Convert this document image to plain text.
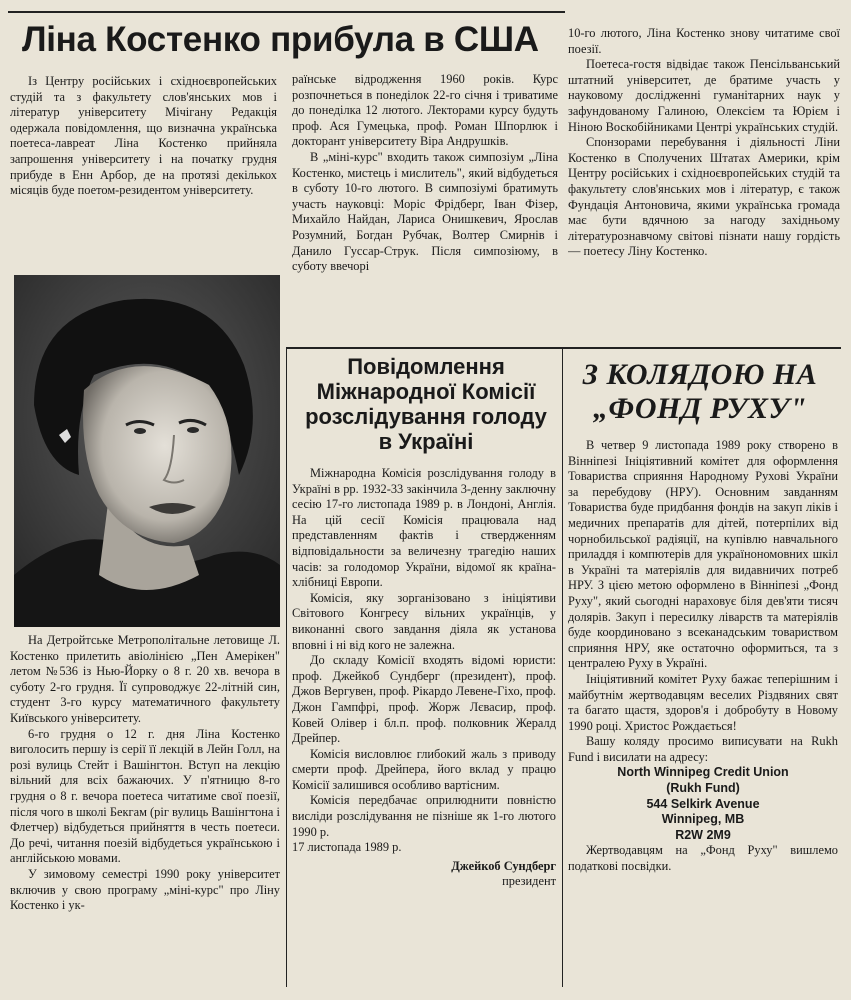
Ліна Костенко прибула в США

Із Центру російських і східноєвропейських студій та з факультету слов'янських мов і літератур університету Мічігану Редакція одержала повідомлення, що визначна українська поетеса-лавреат Ліна Костенко прийняла запрошення університету і на початку грудня прибуде в Енн Арбор, де на протязі декількох місяців буде поетом-резидентом університету.

На Детройтське Метрополітальне летовище Л. Костенко прилетить авіолінією „Пен Амерікен" летом №536 із Нью-Йорку о 8 г. 20 хв. вечора в суботу 2-го грудня. Її супроводжує 22-літній син, студент 3-го курсу математичного факультету Київського університету.

6-го грудня о 12 г. дня Ліна Костенко виголосить першу із серії її лекцій в Лейн Голл, на розі вулиць Стейт і Вашінгтон. Вступ на лекцію вільний для всіх бажаючих. У п'ятницю 8-го грудня о 8 г. вечора поетеса читатиме свої поезії, після чого в школі Бекгам (ріг вулиць Вашінгтона і Флетчер) відбудеться прийняття в честь поетеси. До речі, читання поезій відбудеться українською і англійською мовами.

У зимовому семестрі 1990 року університет включив у свою програму „міні-курс" про Ліну Костенко і ук-

раїнське відродження 1960 років. Курс розпочнеться в понеділок 22-го січня і триватиме до понеділка 12 лютого. Лекторами курсу будуть проф. Ася Гумецька, проф. Роман Шпорлюк і докторант університету Віра Андрушків.

В „міні-курс" входить також симпозіум „Ліна Костенко, мистець і мислитель", який відбудеться в суботу 10-го лютого. В симпозіумі братимуть участь науковці: Моріс Фрідберг, Іван Фізер, Михайло Найдан, Лариса Онишкевич, Ярослав Розумний, Богдан Рубчак, Волтер Смирнів і Данило Гуссар-Струк. Після симпозіюму, в суботу ввечорі

10-го лютого, Ліна Костенко знову читатиме свої поезії.

Поетеса-гостя відвідає також Пенсільванський штатний університет, де братиме участь у науковому дослідженні гуманітарних наук у зафундованому Галиною, Олексієм та Юрієм і Ніною Воскобійниками Центрі українських студій.

Спонзорами перебування і діяльності Ліни Костенко в Сполучених Штатах Америки, крім Центру російських і східноєвропейських студій та факультету слов'янських мов і літератур, є також Фундація Антоновича, якими українська громада має бути вдячною за нагоду західньому літературознавчому світові пізнати нашу гордість — поетесу Ліну Костенко.

Повідомлення Міжнародної Комісії розслідування голоду в Україні

Міжнародна Комісія розслідування голоду в Україні в рр. 1932-33 закінчила 3-денну заключну сесію 17-го листопада 1989 р. в Лондоні, Англія. На цій сесії Комісія працювала над представленням фактів і ствердженням відповідальности за величезну трагедію наших часів: за голодомор України, відомої як країна-хлібниці Европи.

Комісія, яку зорганізовано з ініціятиви Світового Конгресу вільних українців, у виконанні свого завдання діяла як установа вповні і ні від кого не залежна.

До складу Комісії входять відомі юристи: проф. Джейкоб Сундберг (президент), проф. Джов Вергувен, проф. Рікардо Левене-Гіхо, проф. Джон Гампфрі, проф. Жорж Лєвасир, проф. Ковей Олівер і бл.п. проф. полковник Жералд Дрейпер.

Комісія висловлює глибокий жаль з приводу смерти проф. Дрейпера, його вклад у працю Комісії залишився особливо вартісним.

Комісія передбачає оприлюднити повністю висліди розслідування не пізніше як 1-го лютого 1990 р.

17 листопада 1989 р.
Джейкоб Сундберг
президент
З КОЛЯДОЮ НА „ФОНД РУХУ"

В четвер 9 листопада 1989 року створено в Вінніпезі Ініціятивний комітет для оформлення Товариства сприяння Народному Рухові України за перебудову (НРУ). Основним завданням Товариства буде придбання фондів на закуп ліків і медичних препаратів для дітей, потерпілих від чорнобильської радіяції, на купівлю навчального приладдя і компютерів для українономовних шкіл в Україні та матеріялів для видавничих потреб НРУ. З цією метою оформлено в Вінніпезі „Фонд Руху", який сьогодні нараховує біля дев'яти тисяч долярів. Закуп і пересилку ліварств та матеріялів буде координовано з всеканадським товариством сприяння НРУ, яке остаточно оформиться, та з централею Руху в Україні.

Ініціятивний комітет Руху бажає теперішним і майбутнім жертводавцям веселих Різдвяних свят та багато щастя, здоров'я і добробуту в Новому 1990 році. Христос Рождається!

Вашу коляду просимо виписувати на Rukh Fund і висилати на адресу:

North Winnipeg Credit Union
(Rukh Fund)
544 Selkirk Avenue
Winnipeg, MB
R2W 2M9

Жертводавцям на „Фонд Руху" вишлемо податкові посвідки.
